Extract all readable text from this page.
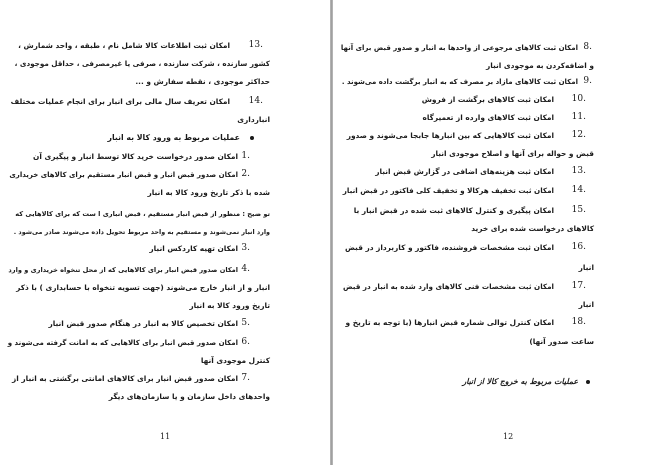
13.
امکان ثبت اطلاعات کالا شامل نام ، طبقه ، واحد شمارش ،
کشور سازنده ، شرکت سازنده ، صرفی یا غیرمصرفی ، حداقل موجودی ،
حداکثر موجودی ، نقطه سفارش و ...
14.
امکان تعریف سال مالی برای انبار برای انجام عملیات مختلف
انبارداری
عملیات مربوط به ورود کالا به انبار
1.
امکان صدور درخواست خرید کالا توسط انبار و پیگیری آن
2.
امکان صدور قبض انبار و قبض انبار مستقیم برای کالاهای خریداری
شده با ذکر تاریخ ورود کالا به انبار
تو ضیح : منظور از قبض انبار مستقیم ، قبض انباری ا ست که برای کالاهایی که
وارد انبار نمی‌شوند و مستقیم به واحد مربوط تحویل داده می‌شوند صادر می‌شود .
3.
امکان تهیه کاردکس انبار
4.
امکان صدور قبض انبار برای کالاهایی که از محل تنخواه خریداری و وارد
انبار و از انبار خارج می‌شوند (جهت تسویه تنخواه با حسابداری ) با ذکر
تاریخ ورود کالا به انبار
5.
امکان تخصیص کالا به انبار در هنگام صدور قبض انبار
6.
امکان صدور قبض انبار برای کالاهایی که به امانت گرفته می‌شوند و
کنترل موجودی آنها
7.
امکان صدور قبض انبار برای کالاهای امانتی برگشتی به انبار از
واحدهای داخل سازمان و یا سازمان‌های دیگر
11
8.
امکان ثبت کالاهای مرجوعی از واحدها به انبار و صدور قبض برای آنها
و اضافه‌کردن به موجودی انبار
9.
امکان ثبت کالاهای مازاد بر مصرف که به انبار برگشت داده می‌شوند .
10.
امکان ثبت کالاهای برگشت از فروش
11.
امکان ثبت کالاهای وارده از تعمیرگاه
12.
امکان ثبت کالاهایی که بین انبارها جابجا می‌شوند و صدور
قبض و حواله برای آنها و اصلاح موجودی انبار
13.
امکان ثبت هزینه‌های اضافی در گزارش قبض انبار
14.
امکان ثبت تخفیف هرکالا و تخفیف کلی فاکتور در قبض انبار
15.
امکان پیگیری و کنترل کالاهای ثبت شده در قبض انبار با
کالاهای درخواست شده برای خرید
16.
امکان ثبت مشخصات فروشنده، فاکتور و کاربرداز در قبض
انبار
17.
امکان ثبت مشخصات فنی کالاهای وارد شده به انبار در قبض
انبار
18.
امکان کنترل توالی شماره قبض انبارها (با توجه به تاریخ و
ساعت صدور آنها)
عملیات مربوط به خروج کالا از انبار
12
